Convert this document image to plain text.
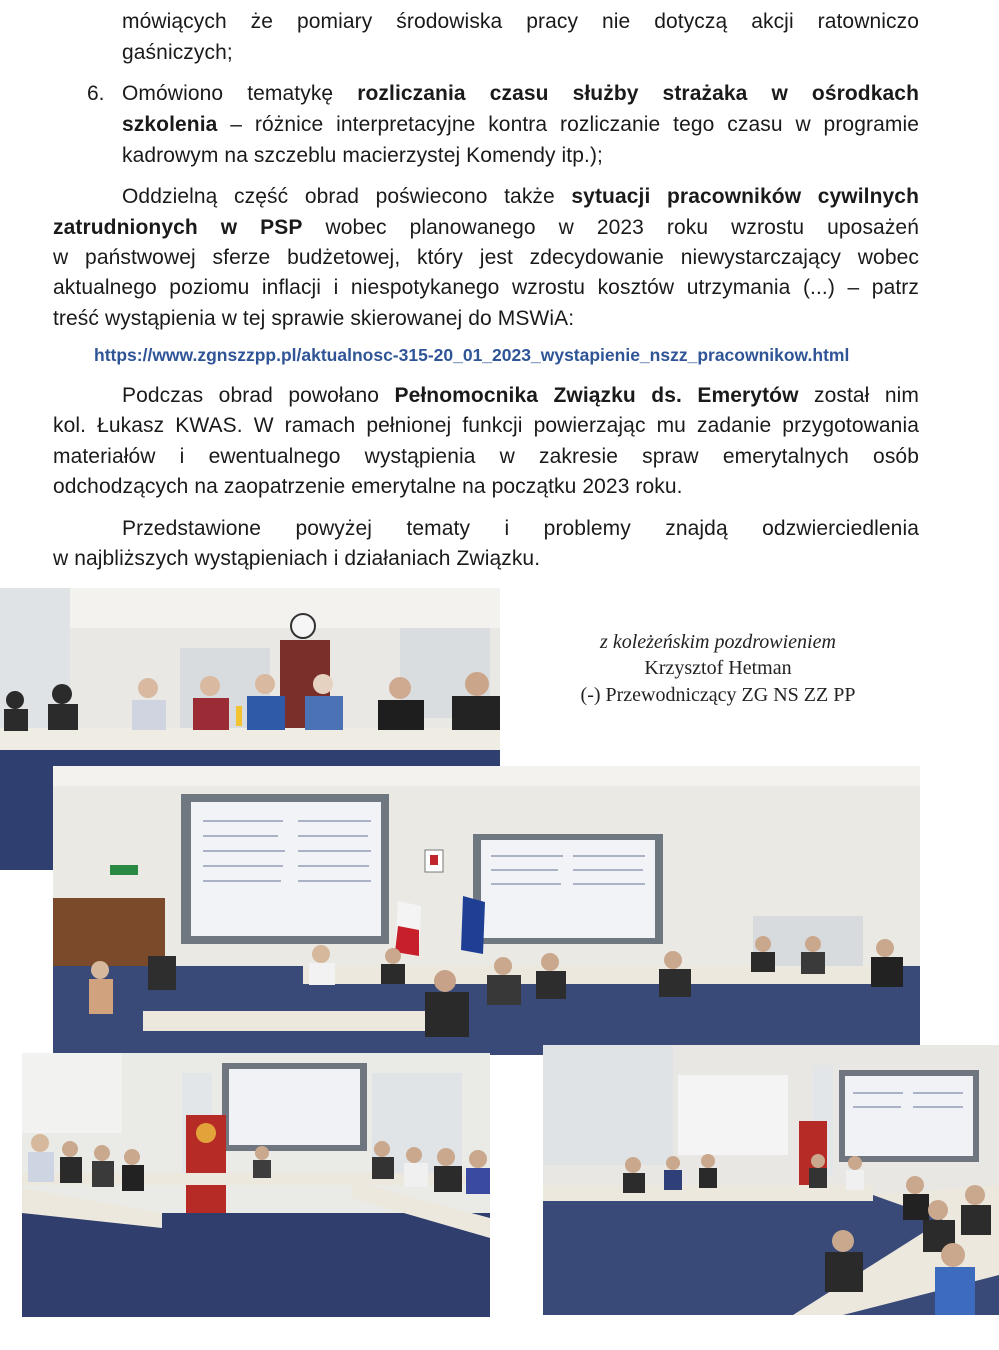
mówiących że pomiary środowiska pracy nie dotyczą akcji ratowniczo
gaśniczych;
6. Omówiono tematykę rozliczania czasu służby strażaka w ośrodkach
szkolenia – różnice interpretacyjne kontra rozliczanie tego czasu w programie
kadrowym na szczeblu macierzystej Komendy itp.);
Oddzielną część obrad poświecono także sytuacji pracowników cywilnych
zatrudnionych w PSP wobec planowanego w 2023 roku wzrostu uposażeń
w państwowej sferze budżetowej, który jest zdecydowanie niewystarczający wobec
aktualnego poziomu inflacji i niespotykanego wzrostu kosztów utrzymania (...) – patrz
treść wystąpienia w tej sprawie skierowanej do MSWiA:
https://www.zgnszzpp.pl/aktualnosc-315-20_01_2023_wystapienie_nszz_pracownikow.html
Podczas obrad powołano Pełnomocnika Związku ds. Emerytów został nim
kol. Łukasz KWAS. W ramach pełnionej funkcji powierzając mu zadanie przygotowania
materiałów i ewentualnego wystąpienia w zakresie spraw emerytalnych osób
odchodzących na zaopatrzenie emerytalne na początku 2023 roku.
Przedstawione powyżej tematy i problemy znajdą odzwierciedlenia
w najbliższych wystąpieniach i działaniach Związku.
z koleżeńskim pozdrowieniem
Krzysztof Hetman
(-) Przewodniczący ZG NS ZZ PP
